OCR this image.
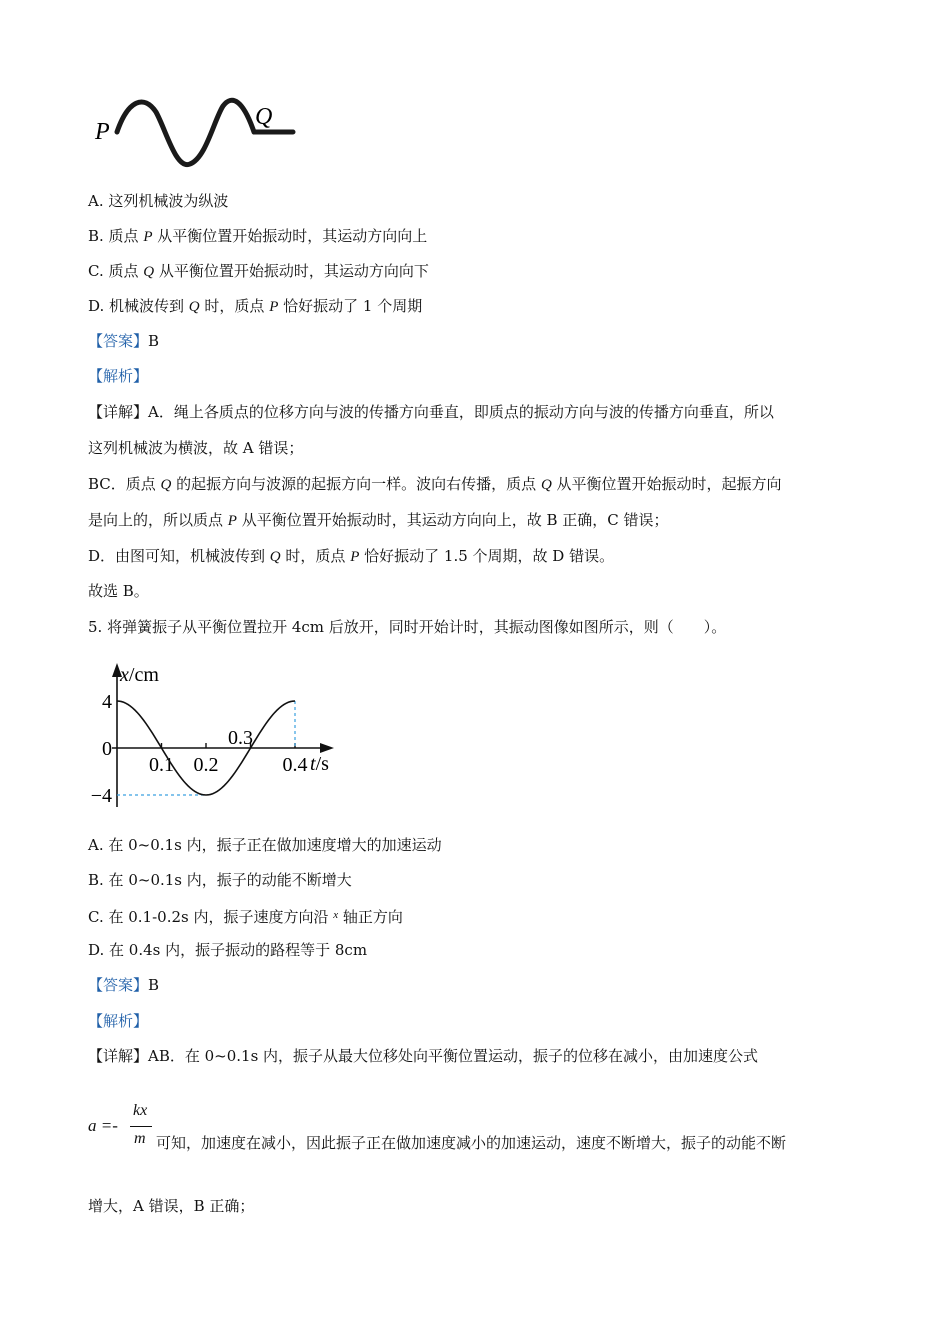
P
Q
A. 这列机械波为纵波
B. 质点 P 从平衡位置开始振动时，其运动方向向上
C. 质点 Q 从平衡位置开始振动时，其运动方向向下
D. 机械波传到 Q 时，质点 P 恰好振动了 1 个周期
【答案】B
【解析】
【详解】A．绳上各质点的位移方向与波的传播方向垂直，即质点的振动方向与波的传播方向垂直，所以
这列机械波为横波，故 A 错误；
BC．质点 Q 的起振方向与波源的起振方向一样。波向右传播，质点 Q 从平衡位置开始振动时，起振方向
是向上的，所以质点 P 从平衡位置开始振动时，其运动方向向上，故 B 正确，C 错误；
D．由图可知，机械波传到 Q 时，质点 P 恰好振动了 1.5 个周期，故 D 错误。
故选 B。
5. 将弹簧振子从平衡位置拉开 4cm 后放开，同时开始计时，其振动图像如图所示，则（　　）。
4
0
−4
0.1 0.2
0.3
0.4
x/cm
t/s
A. 在 0~0.1s 内，振子正在做加速度增大的加速运动
B. 在 0~0.1s 内，振子的动能不断增大
C. 在 0.1-0.2s 内，振子速度方向沿 $^x$ 轴正方向
D. 在 0.4s 内，振子振动的路程等于 8cm
【答案】B
【解析】
【详解】AB．在 0~0.1s 内，振子从最大位移处向平衡位置运动，振子的位移在减小，由加速度公式
a =-
kx
m 可知，加速度在减小，因此振子正在做加速度减小的加速运动，速度不断增大，振子的动能不断
增大，A 错误，B 正确；
